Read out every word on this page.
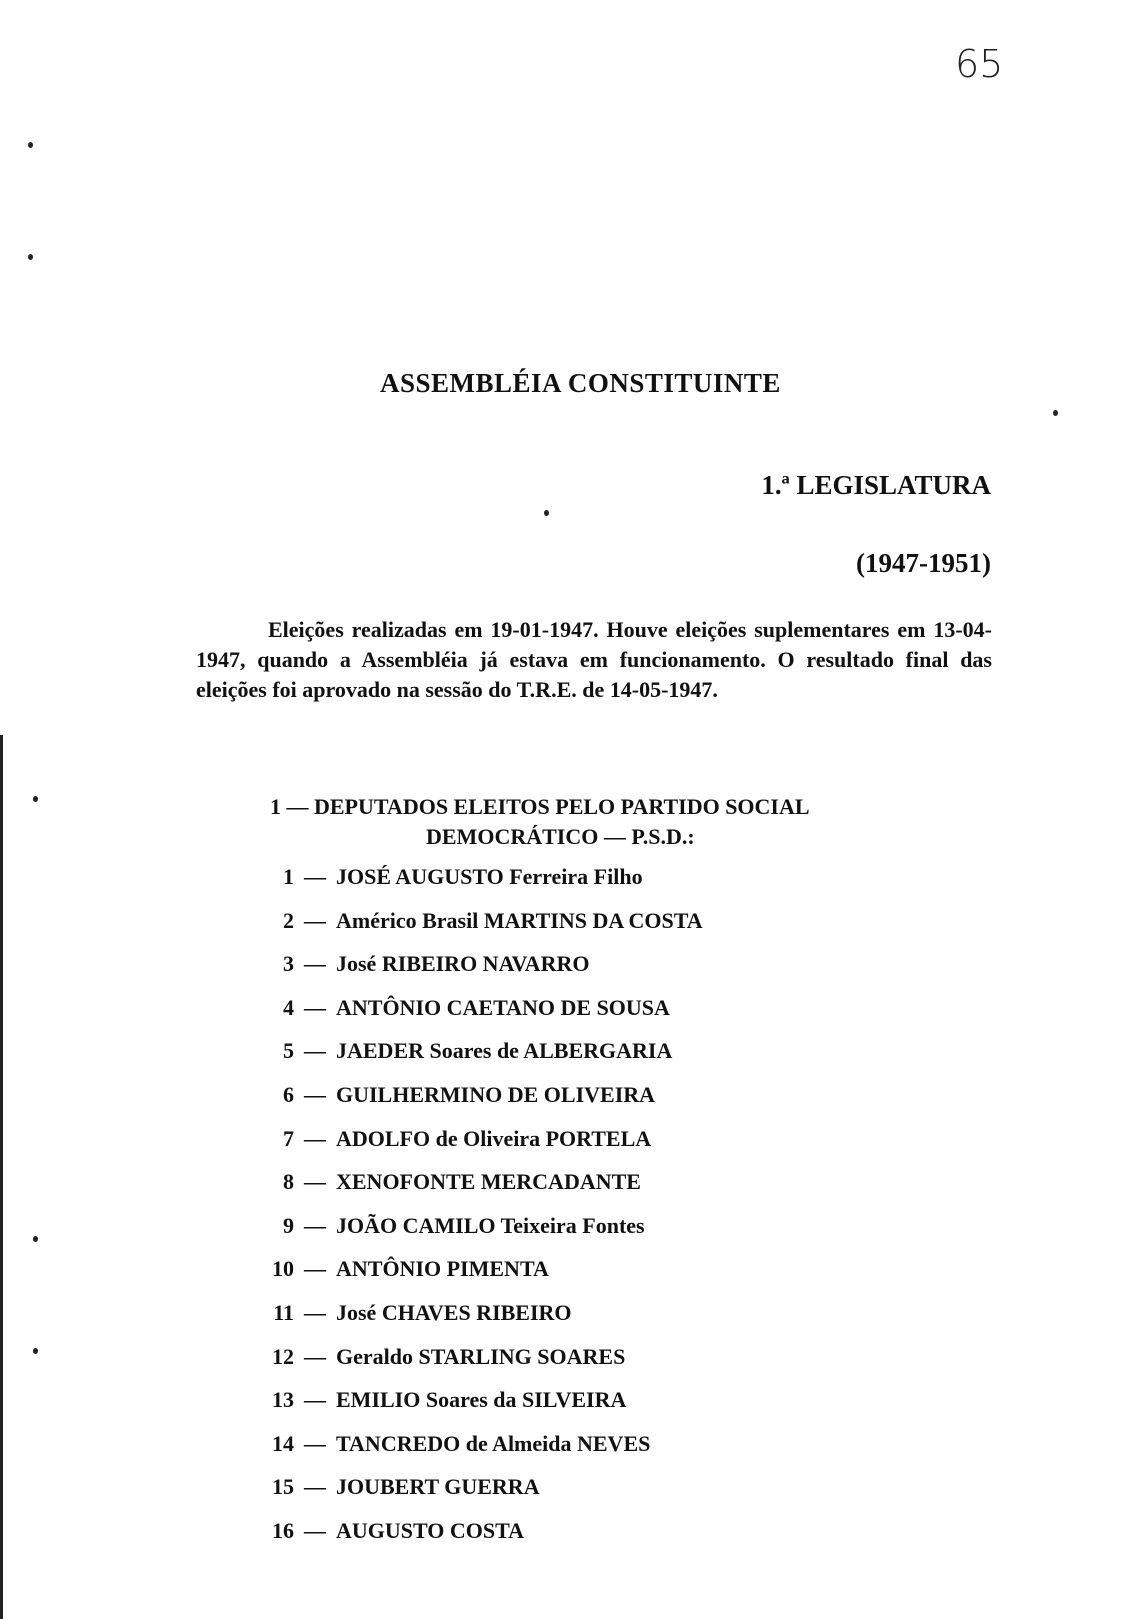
65
ASSEMBLÉIA CONSTITUINTE
1.ª LEGISLATURA
(1947-1951)
Eleições realizadas em 19-01-1947. Houve eleições suplementares em 13-04-1947, quando a Assembléia já estava em funcionamento. O resultado final das eleições foi aprovado na sessão do T.R.E. de 14-05-1947.
1 — DEPUTADOS ELEITOS PELO PARTIDO SOCIAL
DEMOCRÁTICO — P.S.D.:
1 — JOSÉ AUGUSTO Ferreira Filho
2 — Américo Brasil MARTINS DA COSTA
3 — José RIBEIRO NAVARRO
4 — ANTÔNIO CAETANO DE SOUSA
5 — JAEDER Soares de ALBERGARIA
6 — GUILHERMINO DE OLIVEIRA
7 — ADOLFO de Oliveira PORTELA
8 — XENOFONTE MERCADANTE
9 — JOÃO CAMILO Teixeira Fontes
10 — ANTÔNIO PIMENTA
11 — José CHAVES RIBEIRO
12 — Geraldo STARLING SOARES
13 — EMILIO Soares da SILVEIRA
14 — TANCREDO de Almeida NEVES
15 — JOUBERT GUERRA
16 — AUGUSTO COSTA
